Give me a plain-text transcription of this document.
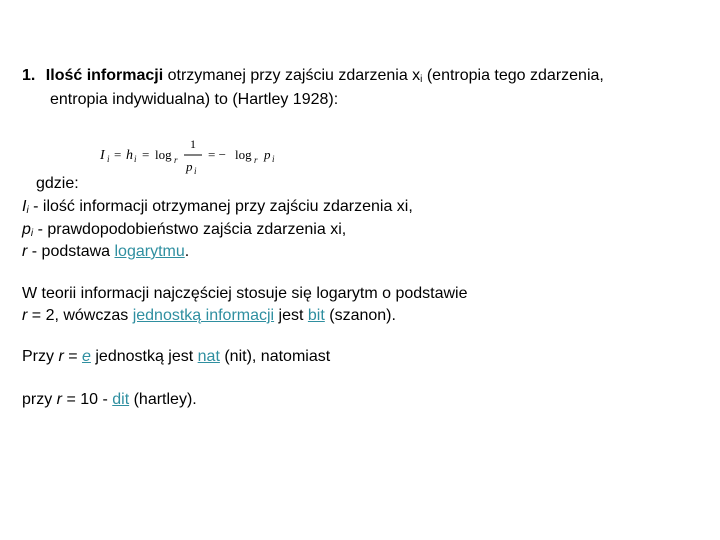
1. Ilość informacji otrzymanej przy zajściu zdarzenia $x_i$ (entropia tego zdarzenia,
entropia indywidualna) to (Hartley 1928):
I i = h i = log r
1
p i
= − log r p i
gdzie:
$I_i$ - ilość informacji otrzymanej przy zajściu zdarzenia xi,
$p_i$ - prawdopodobieństwo zajścia zdarzenia xi,
r - podstawa logarytmu.
W teorii informacji najczęściej stosuje się logarytm o podstawie
r = 2, wówczas jednostką informacji jest bit (szanon).
Przy r = e jednostką jest nat (nit), natomiast
przy r = 10 - dit (hartley).
